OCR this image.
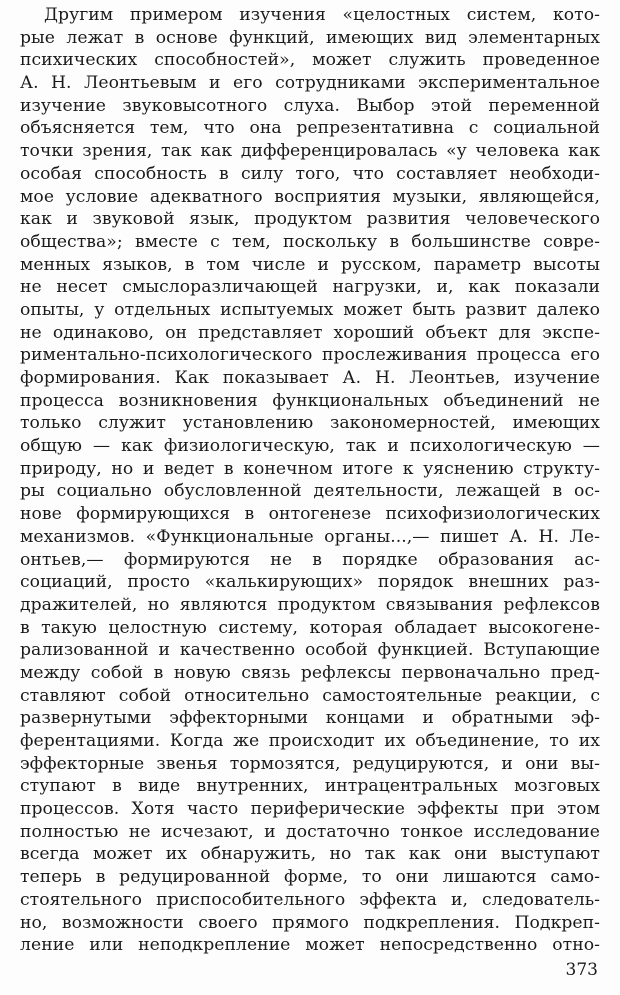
Другим примером изучения «целостных систем, кото-
рые лежат в основе функций, имеющих вид элементарных
психических способностей», может служить проведенное
А. Н. Леонтьевым и его сотрудниками экспериментальное
изучение звуковысотного слуха. Выбор этой переменной
объясняется тем, что она репрезентативна с социальной
точки зрения, так как дифференцировалась «у человека как
особая способность в силу того, что составляет необходи-
мое условие адекватного восприятия музыки, являющейся,
как и звуковой язык, продуктом развития человеческого
общества»; вместе с тем, поскольку в большинстве совре-
менных языков, в том числе и русском, параметр высоты
не несет смыслоразличающей нагрузки, и, как показали
опыты, у отдельных испытуемых может быть развит далеко
не одинаково, он представляет хороший объект для экспе-
риментально-психологического прослеживания процесса его
формирования. Как показывает А. Н. Леонтьев, изучение
процесса возникновения функциональных объединений не
только служит установлению закономерностей, имеющих
общую — как физиологическую, так и психологическую —
природу, но и ведет в конечном итоге к уяснению структу-
ры социально обусловленной деятельности, лежащей в ос-
нове формирующихся в онтогенезе психофизиологических
механизмов. «Функциональные органы...,— пишет А. Н. Ле-
онтьев,— формируются не в порядке образования ас-
социаций, просто «калькирующих» порядок внешних раз-
дражителей, но являются продуктом связывания рефлексов
в такую целостную систему, которая обладает высокогене-
рализованной и качественно особой функцией. Вступающие
между собой в новую связь рефлексы первоначально пред-
ставляют собой относительно самостоятельные реакции, с
развернутыми эффекторными концами и обратными эф-
ферентациями. Когда же происходит их объединение, то их
эффекторные звенья тормозятся, редуцируются, и они вы-
ступают в виде внутренних, интрацентральных мозговых
процессов. Хотя часто периферические эффекты при этом
полностью не исчезают, и достаточно тонкое исследование
всегда может их обнаружить, но так как они выступают
теперь в редуцированной форме, то они лишаются само-
стоятельного приспособительного эффекта и, следователь-
но, возможности своего прямого подкрепления. Подкреп-
ление или неподкрепление может непосредственно отно-
373
